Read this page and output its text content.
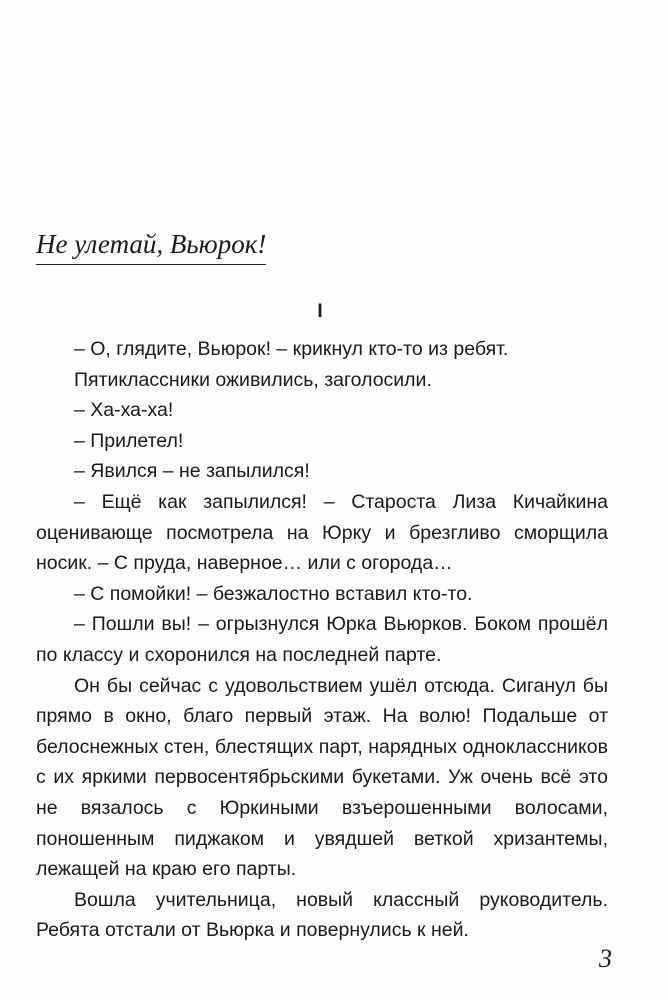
Не улетай, Вьюрок!
I

– О, глядите, Вьюрок! – крикнул кто-то из ребят.

Пятиклассники оживились, заголосили.

– Ха-ха-ха!

– Прилетел!

– Явился – не запылился!

– Ещё как запылился! – Староста Лиза Кичайкина оценивающе посмотрела на Юрку и брезгливо сморщила носик. – С пруда, наверное… или с огорода…

– С помойки! – безжалостно вставил кто-то.

– Пошли вы! – огрызнулся Юрка Вьюрков. Боком прошёл по классу и схоронился на последней парте.

Он бы сейчас с удовольствием ушёл отсюда. Сиганул бы прямо в окно, благо первый этаж. На волю! Подальше от белоснежных стен, блестящих парт, нарядных одноклассников с их яркими первосентябрьскими букетами. Уж очень всё это не вязалось с Юркиными взъерошенными волосами, поношенным пиджаком и увядшей веткой хризантемы, лежащей на краю его парты.

Вошла учительница, новый классный руководитель. Ребята отстали от Вьюрка и повернулись к ней.

3
